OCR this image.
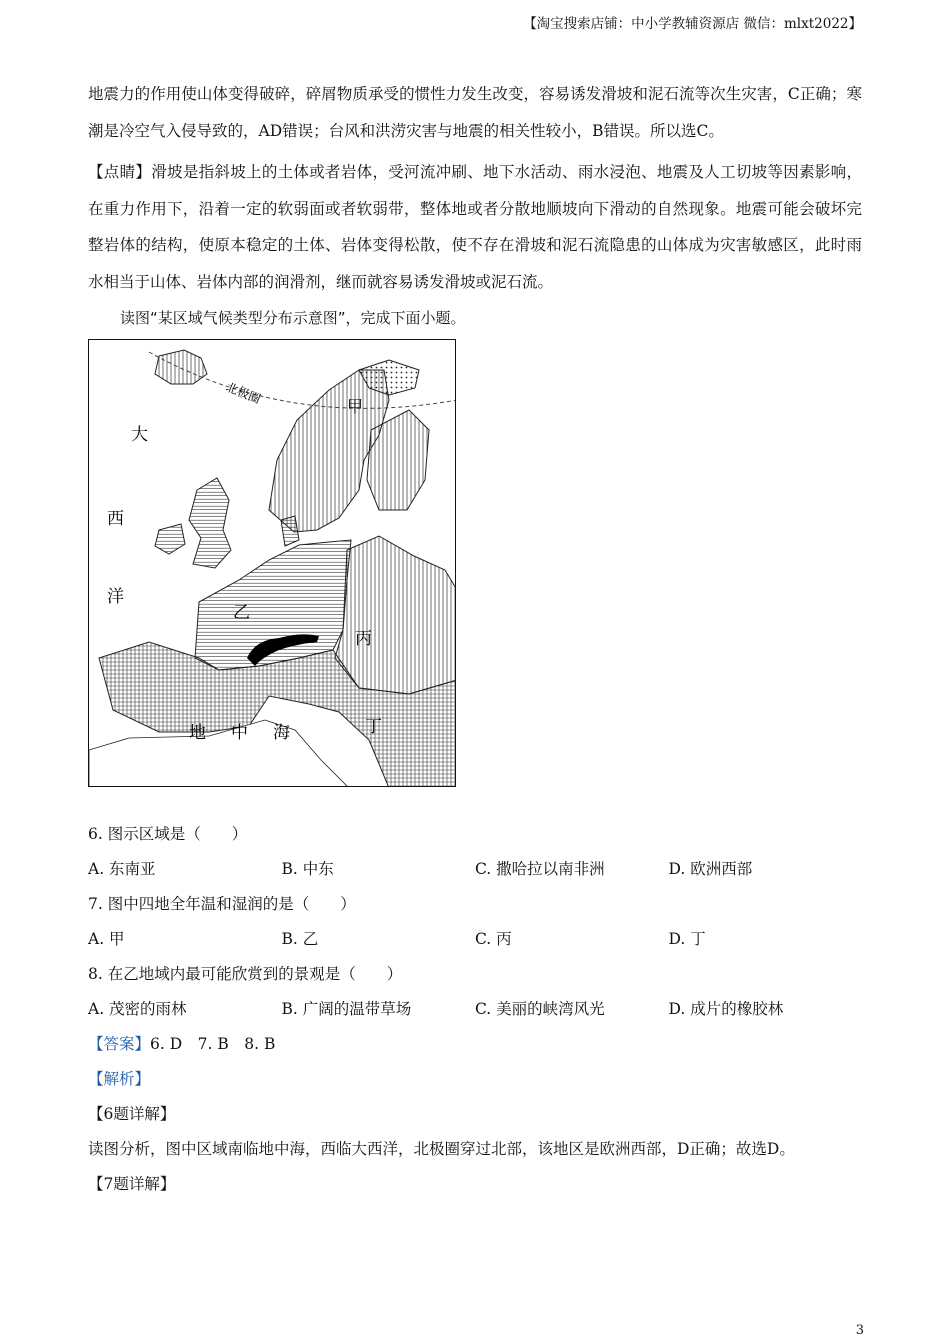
【淘宝搜索店铺：中小学教辅资源店 微信：mlxt2022】

地震力的作用使山体变得破碎，碎屑物质承受的惯性力发生改变，容易诱发滑坡和泥石流等次生灾害，C正确；寒潮是冷空气入侵导致的，AD错误；台风和洪涝灾害与地震的相关性较小，B错误。所以选C。

【点睛】滑坡是指斜坡上的土体或者岩体，受河流冲刷、地下水活动、雨水浸泡、地震及人工切坡等因素影响，在重力作用下，沿着一定的软弱面或者软弱带，整体地或者分散地顺坡向下滑动的自然现象。地震可能会破坏完整岩体的结构，使原本稳定的土体、岩体变得松散，使不存在滑坡和泥石流隐患的山体成为灾害敏感区，此时雨水相当于山体、岩体内部的润滑剂，继而就容易诱发滑坡或泥石流。

读图“某区域气候类型分布示意图”，完成下面小题。

北极圈
大
西
洋
地 中 海
甲
乙
丙
丁

6. 图示区域是（　　）

A. 东南亚	B. 中东	C. 撒哈拉以南非洲	D. 欧洲西部

7. 图中四地全年温和湿润的是（　　）

A. 甲	B. 乙	C. 丙	D. 丁

8. 在乙地域内最可能欣赏到的景观是（　　）

A. 茂密的雨林	B. 广阔的温带草场	C. 美丽的峡湾风光	D. 成片的橡胶林

【答案】6. D　7. B　8. B

【解析】

【6题详解】

读图分析，图中区域南临地中海，西临大西洋，北极圈穿过北部，该地区是欧洲西部，D正确；故选D。

【7题详解】

3
